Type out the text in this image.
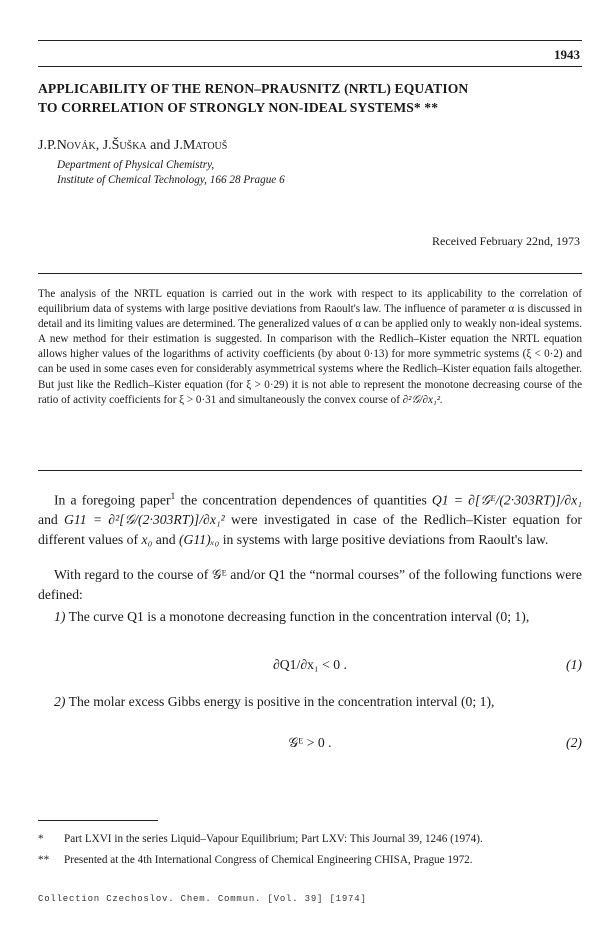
1943
APPLICABILITY OF THE RENON–PRAUSNITZ (NRTL) EQUATION
TO CORRELATION OF STRONGLY NON-IDEAL SYSTEMS* **
J.P.Novák, J.Šuška and J.Matouš
Department of Physical Chemistry,
Institute of Chemical Technology, 166 28 Prague 6
Received February 22nd, 1973
The analysis of the NRTL equation is carried out in the work with respect to its applicability to the correlation of equilibrium data of systems with large positive deviations from Raoult's law. The influence of parameter α is discussed in detail and its limiting values are determined. The generalized values of α can be applied only to weakly non-ideal systems. A new method for their estimation is suggested. In comparison with the Redlich–Kister equation the NRTL equation allows higher values of the logarithms of activity coefficients (by about 0·13) for more symmetric systems (ξ < 0·2) and can be used in some cases even for considerably asymmetrical systems where the Redlich–Kister equation fails altogether. But just like the Redlich–Kister equation (for ξ > 0·29) it is not able to represent the monotone decreasing course of the ratio of activity coefficients for ξ > 0·31 and simultaneously the convex course of ∂²𝒢/∂x₁².
In a foregoing paper$^1$ the concentration dependences of quantities Q1 = ∂[𝒢ᴱ/(2·303RT)]/∂x₁ and G11 = ∂²[𝒢/(2·303RT)]/∂x₁² were investigated in case of the Redlich–Kister equation for different values of x₀ and (G11)ₓ₀ in systems with large positive deviations from Raoult's law.
With regard to the course of 𝒢ᴱ and/or Q1 the “normal courses” of the following functions were defined:
1) The curve Q1 is a monotone decreasing function in the concentration interval (0; 1),
∂Q1/∂x₁ < 0 .	(1)
2) The molar excess Gibbs energy is positive in the concentration interval (0; 1),
𝒢ᴱ > 0 .	(2)

* Part LXVI in the series Liquid–Vapour Equilibrium; Part LXV: This Journal 39, 1246 (1974).

** Presented at the 4th International Congress of Chemical Engineering CHISA, Prague 1972.

Collection Czechoslov. Chem. Commun. [Vol. 39] [1974]
